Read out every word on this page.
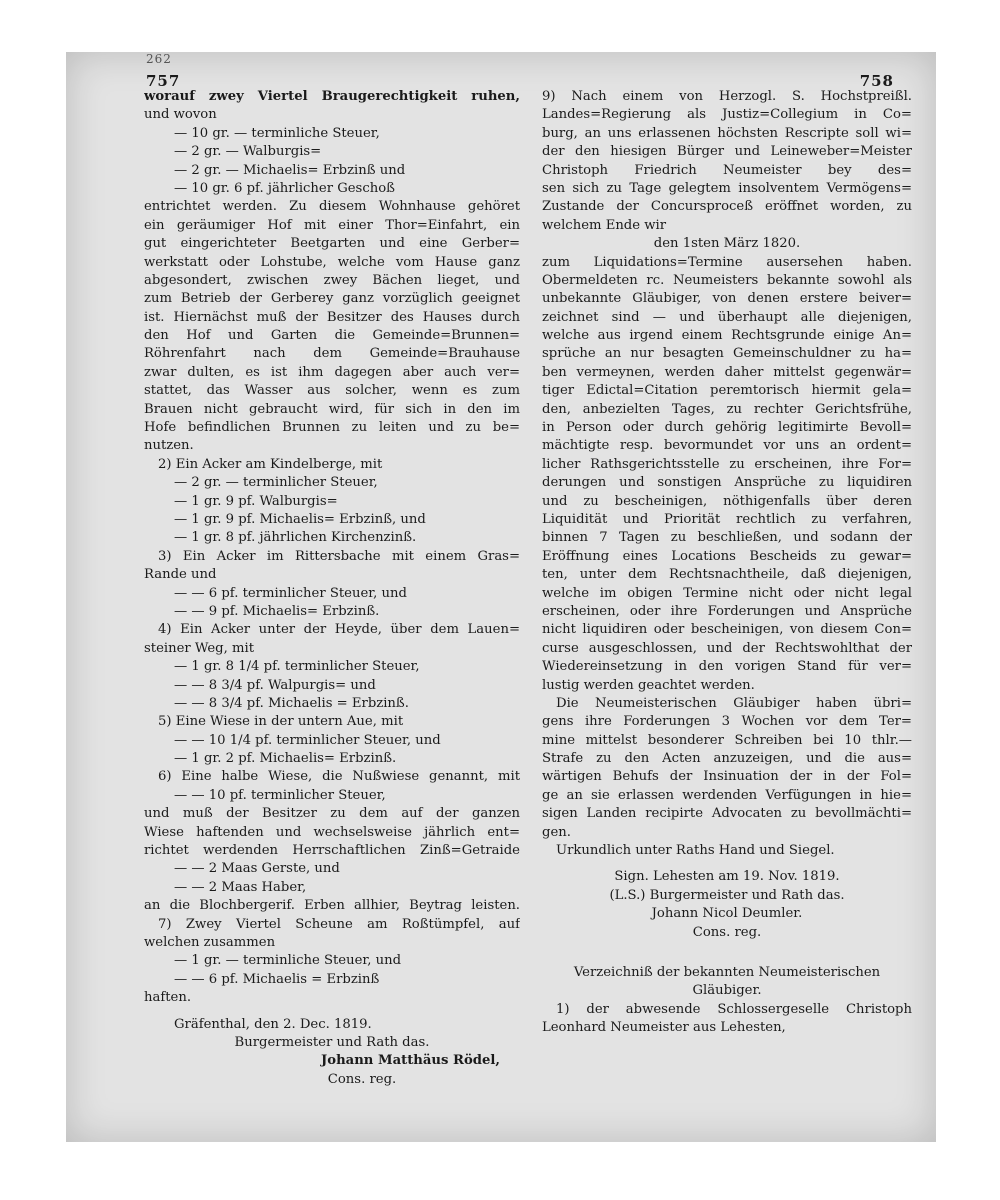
262
757	758
worauf zwey Viertel Braugerechtigkeit ruhen,
und wovon
— 10 gr. — terminliche Steuer,
— 2 gr. — Walburgis=
— 2 gr. — Michaelis= Erbzinß und
— 10 gr. 6 pf. jährlicher Geschoß
entrichtet werden. Zu diesem Wohnhause gehöret
ein geräumiger Hof mit einer Thor=Einfahrt, ein
gut eingerichteter Beetgarten und eine Gerber=
werkstatt oder Lohstube, welche vom Hause ganz
abgesondert, zwischen zwey Bächen lieget, und
zum Betrieb der Gerberey ganz vorzüglich geeignet
ist. Hiernächst muß der Besitzer des Hauses durch
den Hof und Garten die Gemeinde=Brunnen=
Röhrenfahrt nach dem Gemeinde=Brauhause
zwar dulten, es ist ihm dagegen aber auch ver=
stattet, das Wasser aus solcher, wenn es zum
Brauen nicht gebraucht wird, für sich in den im
Hofe befindlichen Brunnen zu leiten und zu be=
nutzen.
2) Ein Acker am Kindelberge, mit
— 2 gr. — terminlicher Steuer,
— 1 gr. 9 pf. Walburgis=
— 1 gr. 9 pf. Michaelis= Erbzinß, und
— 1 gr. 8 pf. jährlichen Kirchenzinß.
3) Ein Acker im Rittersbache mit einem Gras=
Rande und
— — 6 pf. terminlicher Steuer, und
— — 9 pf. Michaelis= Erbzinß.
4) Ein Acker unter der Heyde, über dem Lauen=
steiner Weg, mit
— 1 gr. 8 1/4 pf. terminlicher Steuer,
— — 8 3/4 pf. Walpurgis= und
— — 8 3/4 pf. Michaelis = Erbzinß.
5) Eine Wiese in der untern Aue, mit
— — 10 1/4 pf. terminlicher Steuer, und
— 1 gr. 2 pf. Michaelis= Erbzinß.
6) Eine halbe Wiese, die Nußwiese genannt, mit
— — 10 pf. terminlicher Steuer,
und muß der Besitzer zu dem auf der ganzen
Wiese haftenden und wechselsweise jährlich ent=
richtet werdenden Herrschaftlichen Zinß=Getraide
— — 2 Maas Gerste, und
— — 2 Maas Haber,
an die Blochbergerif. Erben allhier, Beytrag leisten.
7) Zwey Viertel Scheune am Roßtümpfel, auf
welchen zusammen
— 1 gr. — terminliche Steuer, und
— — 6 pf. Michaelis = Erbzinß
haften.
Gräfenthal, den 2. Dec. 1819.
Burgermeister und Rath das.
Johann Matthäus Rödel,
Cons. reg.
9) Nach einem von Herzogl. S. Hochstpreißl.
Landes=Regierung als Justiz=Collegium in Co=
burg, an uns erlassenen höchsten Rescripte soll wi=
der den hiesigen Bürger und Leineweber=Meister
Christoph Friedrich Neumeister bey des=
sen sich zu Tage gelegtem insolventem Vermögens=
Zustande der Concursproceß eröffnet worden, zu
welchem Ende wir
den 1sten März 1820.
zum Liquidations=Termine ausersehen haben.
Obermeldeten rc. Neumeisters bekannte sowohl als
unbekannte Gläubiger, von denen erstere beiver=
zeichnet sind — und überhaupt alle diejenigen,
welche aus irgend einem Rechtsgrunde einige An=
sprüche an nur besagten Gemeinschuldner zu ha=
ben vermeynen, werden daher mittelst gegenwär=
tiger Edictal=Citation peremtorisch hiermit gela=
den, anbezielten Tages, zu rechter Gerichtsfrühe,
in Person oder durch gehörig legitimirte Bevoll=
mächtigte resp. bevormundet vor uns an ordent=
licher Rathsgerichtsstelle zu erscheinen, ihre For=
derungen und sonstigen Ansprüche zu liquidiren
und zu bescheinigen, nöthigenfalls über deren
Liquidität und Priorität rechtlich zu verfahren,
binnen 7 Tagen zu beschließen, und sodann der
Eröffnung eines Locations Bescheids zu gewar=
ten, unter dem Rechtsnachtheile, daß diejenigen,
welche im obigen Termine nicht oder nicht legal
erscheinen, oder ihre Forderungen und Ansprüche
nicht liquidiren oder bescheinigen, von diesem Con=
curse ausgeschlossen, und der Rechtswohlthat der
Wiedereinsetzung in den vorigen Stand für ver=
lustig werden geachtet werden.
Die Neumeisterischen Gläubiger haben übri=
gens ihre Forderungen 3 Wochen vor dem Ter=
mine mittelst besonderer Schreiben bei 10 thlr.—
Strafe zu den Acten anzuzeigen, und die aus=
wärtigen Behufs der Insinuation der in der Fol=
ge an sie erlassen werdenden Verfügungen in hie=
sigen Landen recipirte Advocaten zu bevollmächti=
gen.
Urkundlich unter Raths Hand und Siegel.
Sign. Lehesten am 19. Nov. 1819.
(L.S.) Burgermeister und Rath das.
Johann Nicol Deumler.
Cons. reg.
Verzeichniß der bekannten Neumeisterischen
Gläubiger.
1) der abwesende Schlossergeselle Christoph
Leonhard Neumeister aus Lehesten,
